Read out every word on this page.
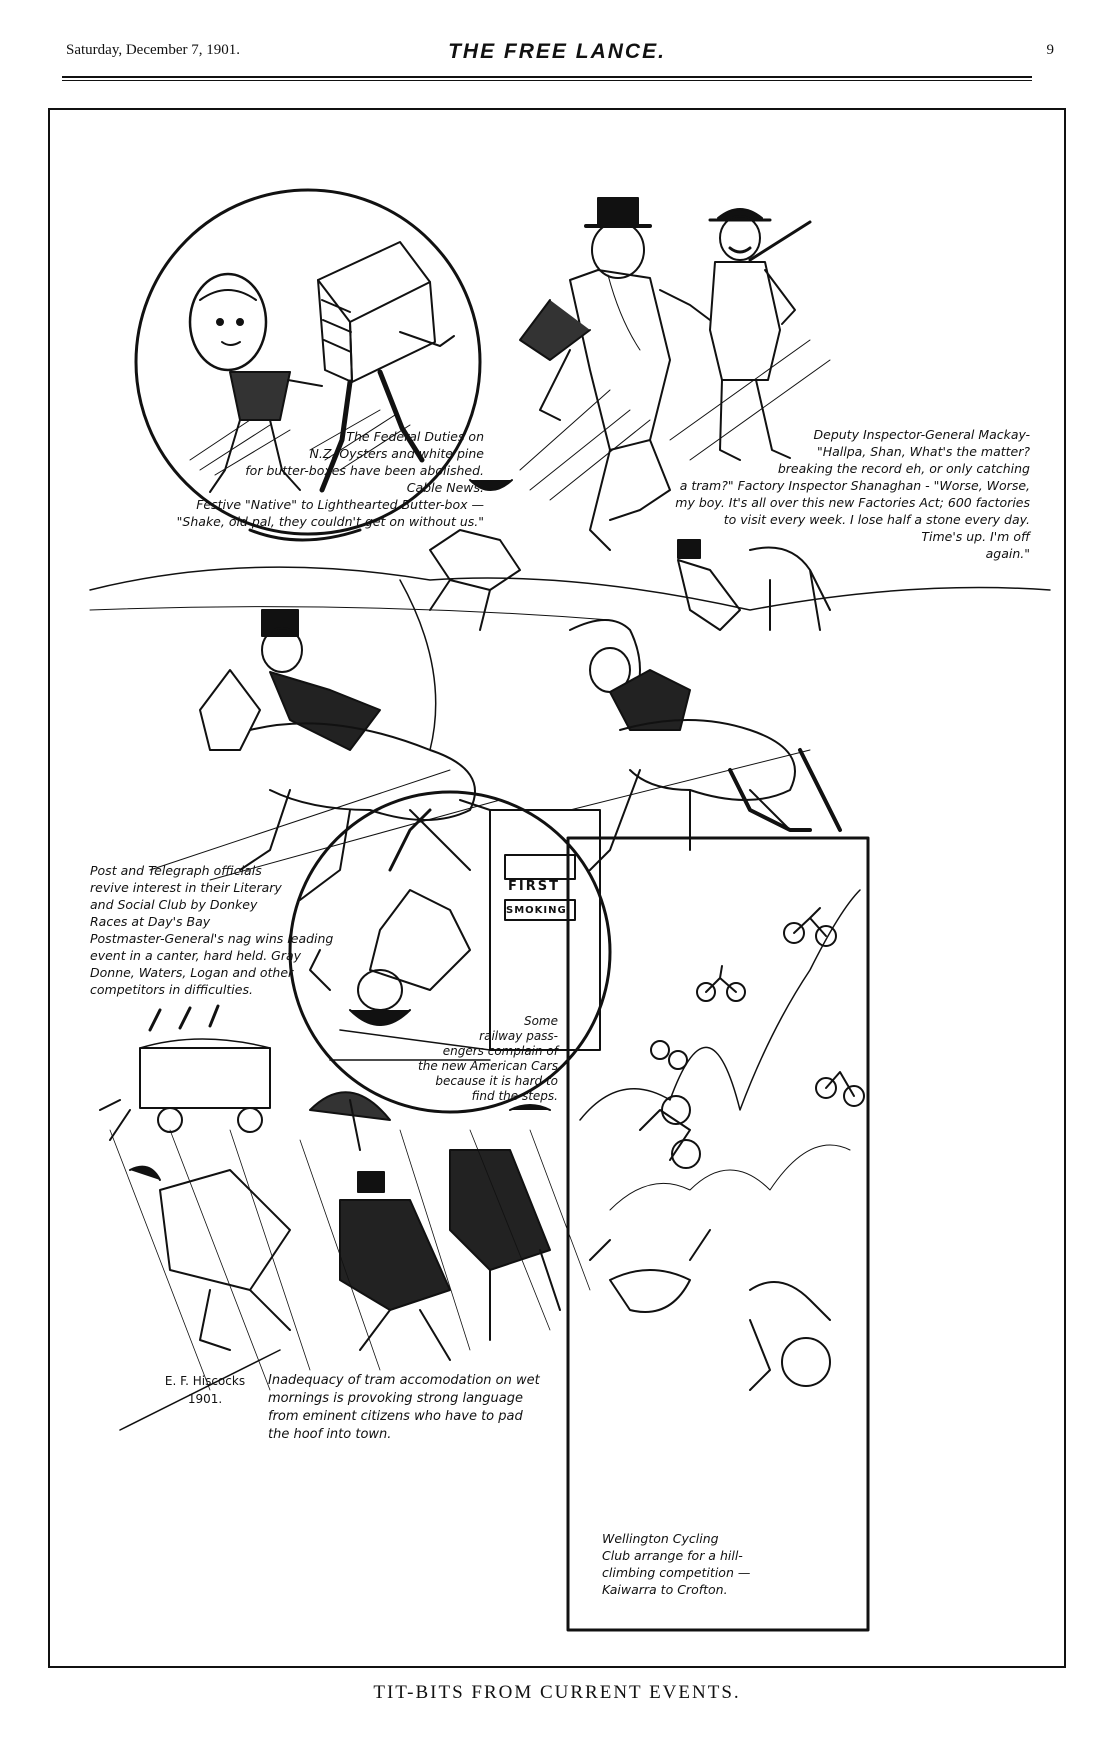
Saturday, December 7, 1901.	THE FREE LANCE.	9
The Federal Duties on
N.Z. Oysters and white pine
for butter-boxes have been abolished.
Cable News.
Festive "Native" to Lighthearted Butter-box —
"Shake, old pal, they couldn't get on without us."
Deputy Inspector-General Mackay-
"Hallpa, Shan, What's the matter?
breaking the record eh, or only catching
a tram?" Factory Inspector Shanaghan - "Worse, Worse,
my boy. It's all over this new Factories Act; 600 factories
to visit every week. I lose half a stone every day.
Time's up. I'm off
again."
Post and Telegraph officials
revive interest in their Literary
and Social Club by Donkey
Races at Day's Bay
Postmaster-General's nag wins leading
event in a canter, hard held. Gray
Donne, Waters, Logan and other
competitors in difficulties.
FIRST
SMOKING
Some
railway pass-
engers complain of
the new American Cars
because it is hard to
find the steps.
Wellington Cycling
Club arrange for a hill-
climbing competition —
Kaiwarra to Crofton.
E. F. Hiscocks
1901.
Inadequacy of tram accomodation on wet
mornings is provoking strong language
from eminent citizens who have to pad
the hoof into town.
TIT-BITS FROM CURRENT EVENTS.
